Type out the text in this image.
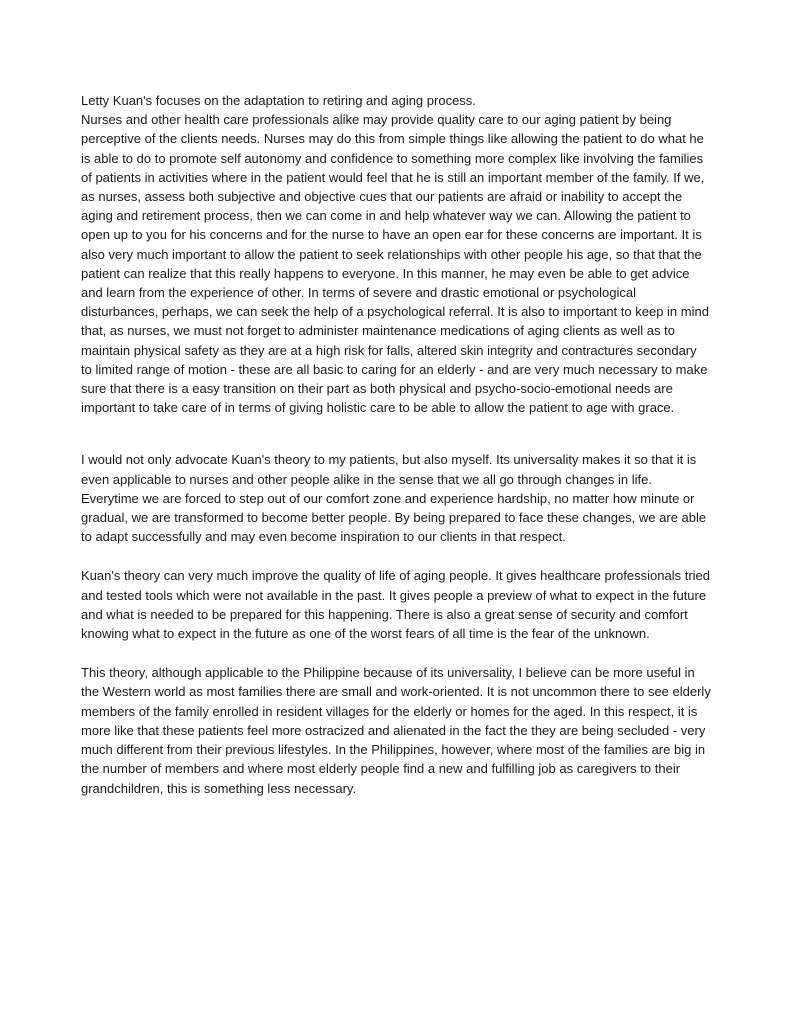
Letty Kuan's focuses on the adaptation to retiring and aging process.

Nurses and other health care professionals alike may provide quality care to our aging patient by being perceptive of the clients needs. Nurses may do this from simple things like allowing the patient to do what he is able to do to promote self autonomy and confidence to something more complex like involving the families of patients in activities where in the patient would feel that he is still an important member of the family. If we, as nurses, assess both subjective and objective cues that our patients are afraid or inability to accept the aging and retirement process, then we can come in and help whatever way we can. Allowing the patient to open up to you for his concerns and for the nurse to have an open ear for these concerns are important. It is also very much important to allow the patient to seek relationships with other people his age, so that that the patient can realize that this really happens to everyone. In this manner, he may even be able to get advice and learn from the experience of other. In terms of severe and drastic emotional or psychological disturbances, perhaps, we can seek the help of a psychological referral. It is also to important to keep in mind that, as nurses, we must not forget to administer maintenance medications of aging clients as well as to maintain physical safety as they are at a high risk for falls, altered skin integrity and contractures secondary to limited range of motion - these are all basic to caring for an elderly - and are very much necessary to make sure that there is a easy transition on their part as both physical and psycho-socio-emotional needs are important to take care of in terms of giving holistic care to be able to allow the patient to age with grace.

I would not only advocate Kuan's theory to my patients, but also myself. Its universality makes it so that it is even applicable to nurses and other people alike in the sense that we all go through changes in life. Everytime we are forced to step out of our comfort zone and experience hardship, no matter how minute or gradual, we are transformed to become better people. By being prepared to face these changes, we are able to adapt successfully and may even become inspiration to our clients in that respect.

Kuan's theory can very much improve the quality of life of aging people. It gives healthcare professionals tried and tested tools which were not available in the past. It gives people a preview of what to expect in the future and what is needed to be prepared for this happening. There is also a great sense of security and comfort knowing what to expect in the future as one of the worst fears of all time is the fear of the unknown.

This theory, although applicable to the Philippine because of its universality, I believe can be more useful in the Western world as most families there are small and work-oriented. It is not uncommon there to see elderly members of the family enrolled in resident villages for the elderly or homes for the aged. In this respect, it is more like that these patients feel more ostracized and alienated in the fact the they are being secluded - very much different from their previous lifestyles. In the Philippines, however, where most of the families are big in the number of members and where most elderly people find a new and fulfilling job as caregivers to their grandchildren, this is something less necessary.
